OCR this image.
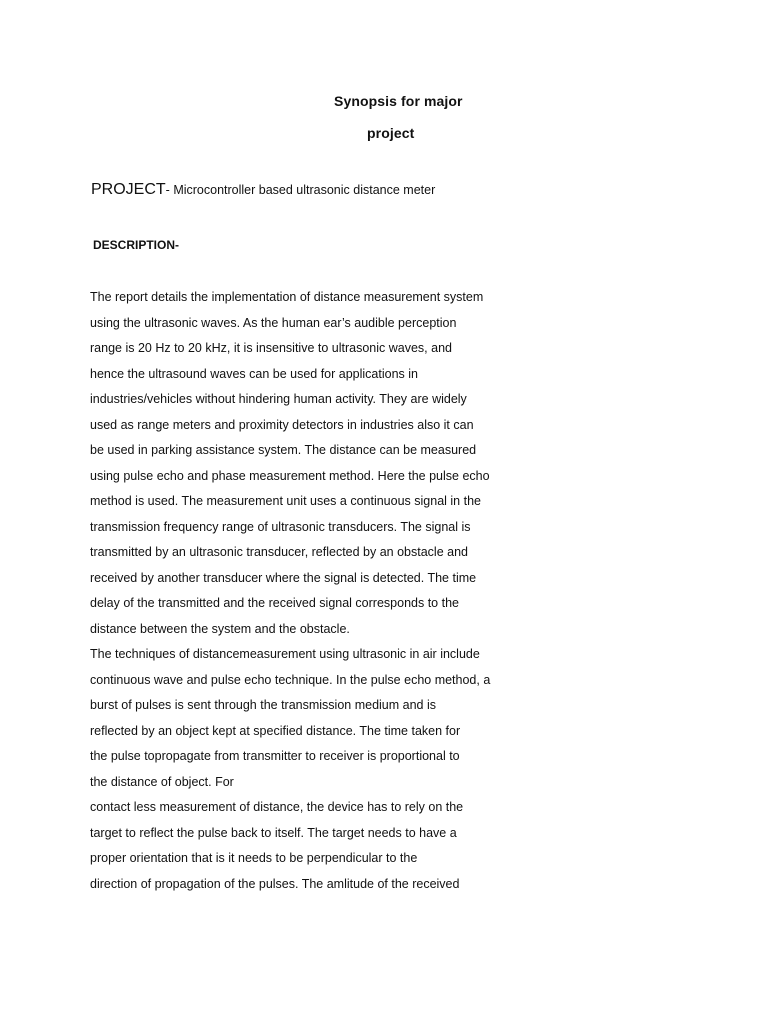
Synopsis for major
project
PROJECT- Microcontroller based ultrasonic distance meter
DESCRIPTION-
The report details the implementation of distance measurement system
using the ultrasonic waves. As the human ear’s audible perception
range is 20 Hz to 20 kHz, it is insensitive to ultrasonic waves, and
hence the ultrasound waves can be used for applications in
industries/vehicles without hindering human activity. They are widely
used as range meters and proximity detectors in industries also it can
be used in parking assistance system. The distance can be measured
using pulse echo and phase measurement method. Here the pulse echo
method is used. The measurement unit uses a continuous signal in the
transmission frequency range of ultrasonic transducers. The signal is
transmitted by an ultrasonic transducer, reflected by an obstacle and
received by another transducer where the signal is detected. The time
delay of the transmitted and the received signal corresponds to the
distance between the system and the obstacle.
The techniques of distancemeasurement using ultrasonic in air include
continuous wave and pulse echo technique. In the pulse echo method, a
burst of pulses is sent through the transmission medium and is
reflected by an object kept at specified distance. The time taken for
the pulse topropagate from transmitter to receiver is proportional to
the distance of object. For
contact less measurement of distance, the device has to rely on the
target to reflect the pulse back to itself. The target needs to have a
proper orientation that is it needs to be perpendicular to the
direction of propagation of the pulses. The amlitude of the received
